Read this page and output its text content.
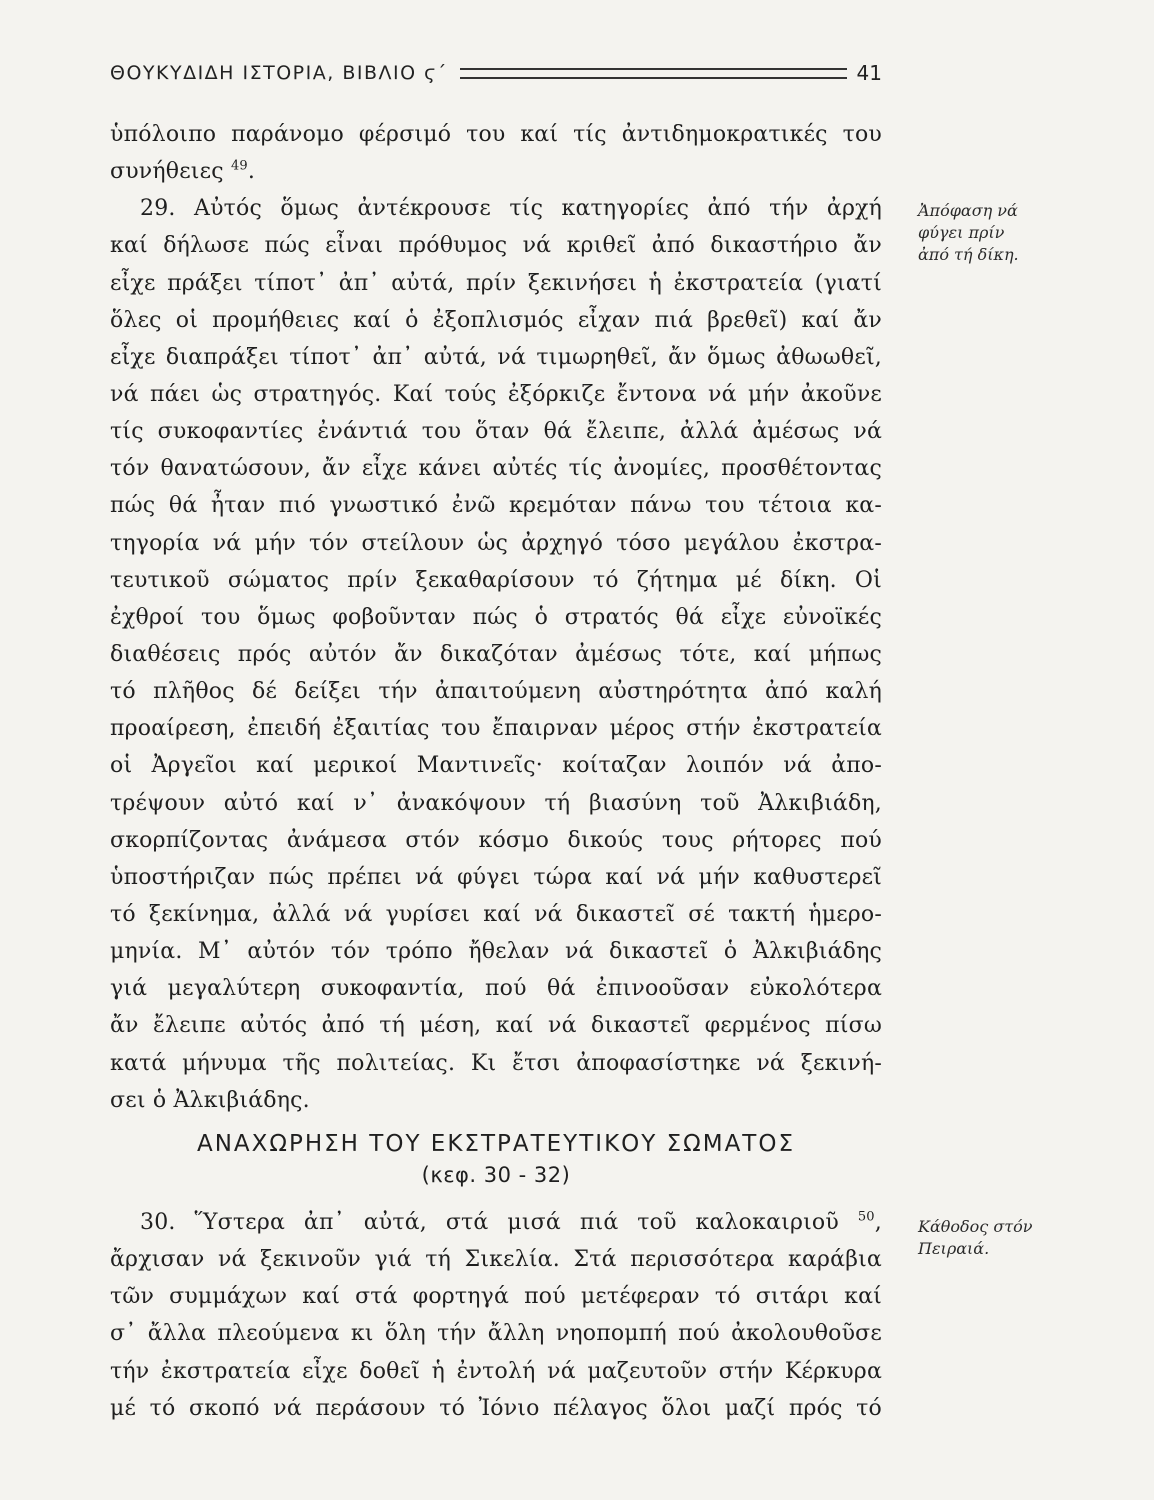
ΘΟΥΚΥΔΙΔΗ ΙΣΤΟΡΙΑ, ΒΙΒΛΙΟ ϛ΄	41
ὑπόλοιπο παράνομο φέρσιμό του καί τίς ἀντιδημοκρατικές του
συνήθειες $^{49}$.
29. Αὐτός ὅμως ἀντέκρουσε τίς κατηγορίες ἀπό τήν ἀρχή
καί δήλωσε πώς εἶναι πρόθυμος νά κριθεῖ ἀπό δικαστήριο ἄν
εἶχε πράξει τίποτ᾽ ἀπ᾽ αὐτά, πρίν ξεκινήσει ἡ ἐκστρατεία (γιατί
ὅλες οἱ προμήθειες καί ὁ ἐξοπλισμός εἶχαν πιά βρεθεῖ) καί ἄν
εἶχε διαπράξει τίποτ᾽ ἀπ᾽ αὐτά, νά τιμωρηθεῖ, ἄν ὅμως ἀθωωθεῖ,
νά πάει ὡς στρατηγός. Καί τούς ἐξόρκιζε ἔντονα νά μήν ἀκοῦνε
τίς συκοφαντίες ἐνάντιά του ὅταν θά ἔλειπε, ἀλλά ἀμέσως νά
τόν θανατώσουν, ἄν εἶχε κάνει αὐτές τίς ἀνομίες, προσθέτοντας
πώς θά ἦταν πιό γνωστικό ἐνῶ κρεμόταν πάνω του τέτοια κα-
τηγορία νά μήν τόν στείλουν ὡς ἀρχηγό τόσο μεγάλου ἐκστρα-
τευτικοῦ σώματος πρίν ξεκαθαρίσουν τό ζήτημα μέ δίκη. Οἱ
ἐχθροί του ὅμως φοβοῦνταν πώς ὁ στρατός θά εἶχε εὐνοϊκές
διαθέσεις πρός αὐτόν ἄν δικαζόταν ἀμέσως τότε, καί μήπως
τό πλῆθος δέ δείξει τήν ἀπαιτούμενη αὐστηρότητα ἀπό καλή
προαίρεση, ἐπειδή ἐξαιτίας του ἔπαιρναν μέρος στήν ἐκστρατεία
οἱ Ἀργεῖοι καί μερικοί Μαντινεῖς· κοίταζαν λοιπόν νά ἀπο-
τρέψουν αὐτό καί ν᾽ ἀνακόψουν τή βιασύνη τοῦ Ἀλκιβιάδη,
σκορπίζοντας ἀνάμεσα στόν κόσμο δικούς τους ρήτορες πού
ὑποστήριζαν πώς πρέπει νά φύγει τώρα καί νά μήν καθυστερεῖ
τό ξεκίνημα, ἀλλά νά γυρίσει καί νά δικαστεῖ σέ τακτή ἡμερο-
μηνία. Μ᾽ αὐτόν τόν τρόπο ἤθελαν νά δικαστεῖ ὁ Ἀλκιβιάδης
γιά μεγαλύτερη συκοφαντία, πού θά ἐπινοοῦσαν εὐκολότερα
ἄν ἔλειπε αὐτός ἀπό τή μέση, καί νά δικαστεῖ φερμένος πίσω
κατά μήνυμα τῆς πολιτείας. Κι ἔτσι ἀποφασίστηκε νά ξεκινή-
σει ὁ Ἀλκιβιάδης.
ΑΝΑΧΩΡΗΣΗ ΤΟΥ ΕΚΣΤΡΑΤΕΥΤΙΚΟΥ ΣΩΜΑΤΟΣ
(κεφ. 30 - 32)
30. Ὕστερα ἀπ᾽ αὐτά, στά μισά πιά τοῦ καλοκαιριοῦ $^{50}$,
ἄρχισαν νά ξεκινοῦν γιά τή Σικελία. Στά περισσότερα καράβια
τῶν συμμάχων καί στά φορτηγά πού μετέφεραν τό σιτάρι καί
σ᾽ ἄλλα πλεούμενα κι ὅλη τήν ἄλλη νηοπομπή πού ἀκολουθοῦσε
τήν ἐκστρατεία εἶχε δοθεῖ ἡ ἐντολή νά μαζευτοῦν στήν Κέρκυρα
μέ τό σκοπό νά περάσουν τό Ἰόνιο πέλαγος ὅλοι μαζί πρός τό
Ἀπόφαση νά
φύγει πρίν
ἀπό τή δίκη.
Κάθοδος στόν
Πειραιά.
